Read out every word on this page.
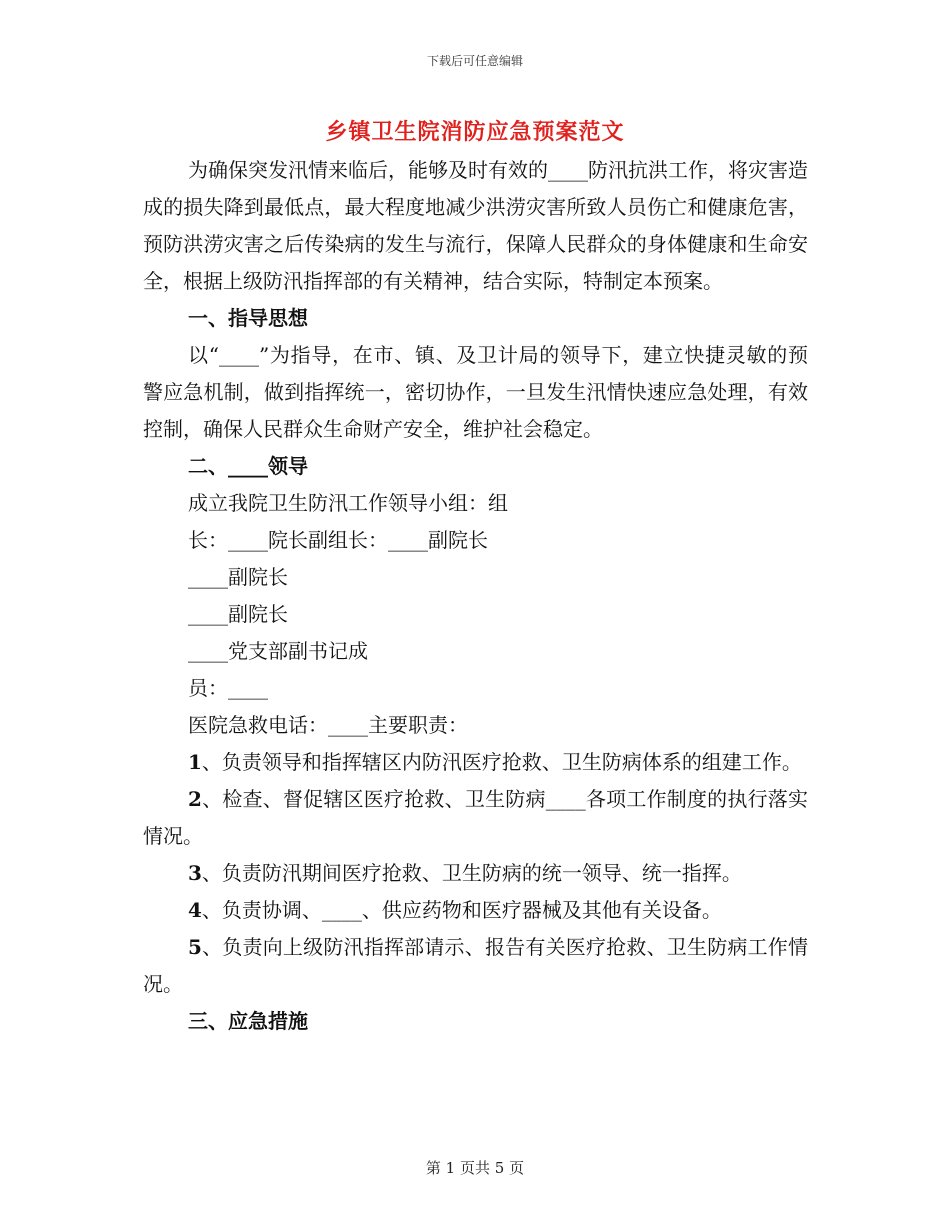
下载后可任意编辑
乡镇卫生院消防应急预案范文

为确保突发汛情来临后，能够及时有效的____防汛抗洪工作，将灾害造成的损失降到最低点，最大程度地减少洪涝灾害所致人员伤亡和健康危害，预防洪涝灾害之后传染病的发生与流行，保障人民群众的身体健康和生命安全，根据上级防汛指挥部的有关精神，结合实际，特制定本预案。

一、指导思想

以“____”为指导，在市、镇、及卫计局的领导下，建立快捷灵敏的预警应急机制，做到指挥统一，密切协作，一旦发生汛情快速应急处理，有效控制，确保人民群众生命财产安全，维护社会稳定。

二、____领导

成立我院卫生防汛工作领导小组：组

长：____院长副组长：____副院长

____副院长

____副院长

____党支部副书记成

员：____

医院急救电话：____主要职责：

1、负责领导和指挥辖区内防汛医疗抢救、卫生防病体系的组建工作。

2、检查、督促辖区医疗抢救、卫生防病____各项工作制度的执行落实情况。

3、负责防汛期间医疗抢救、卫生防病的统一领导、统一指挥。

4、负责协调、____、供应药物和医疗器械及其他有关设备。

5、负责向上级防汛指挥部请示、报告有关医疗抢救、卫生防病工作情况。

三、应急措施

第 1 页共 5 页
